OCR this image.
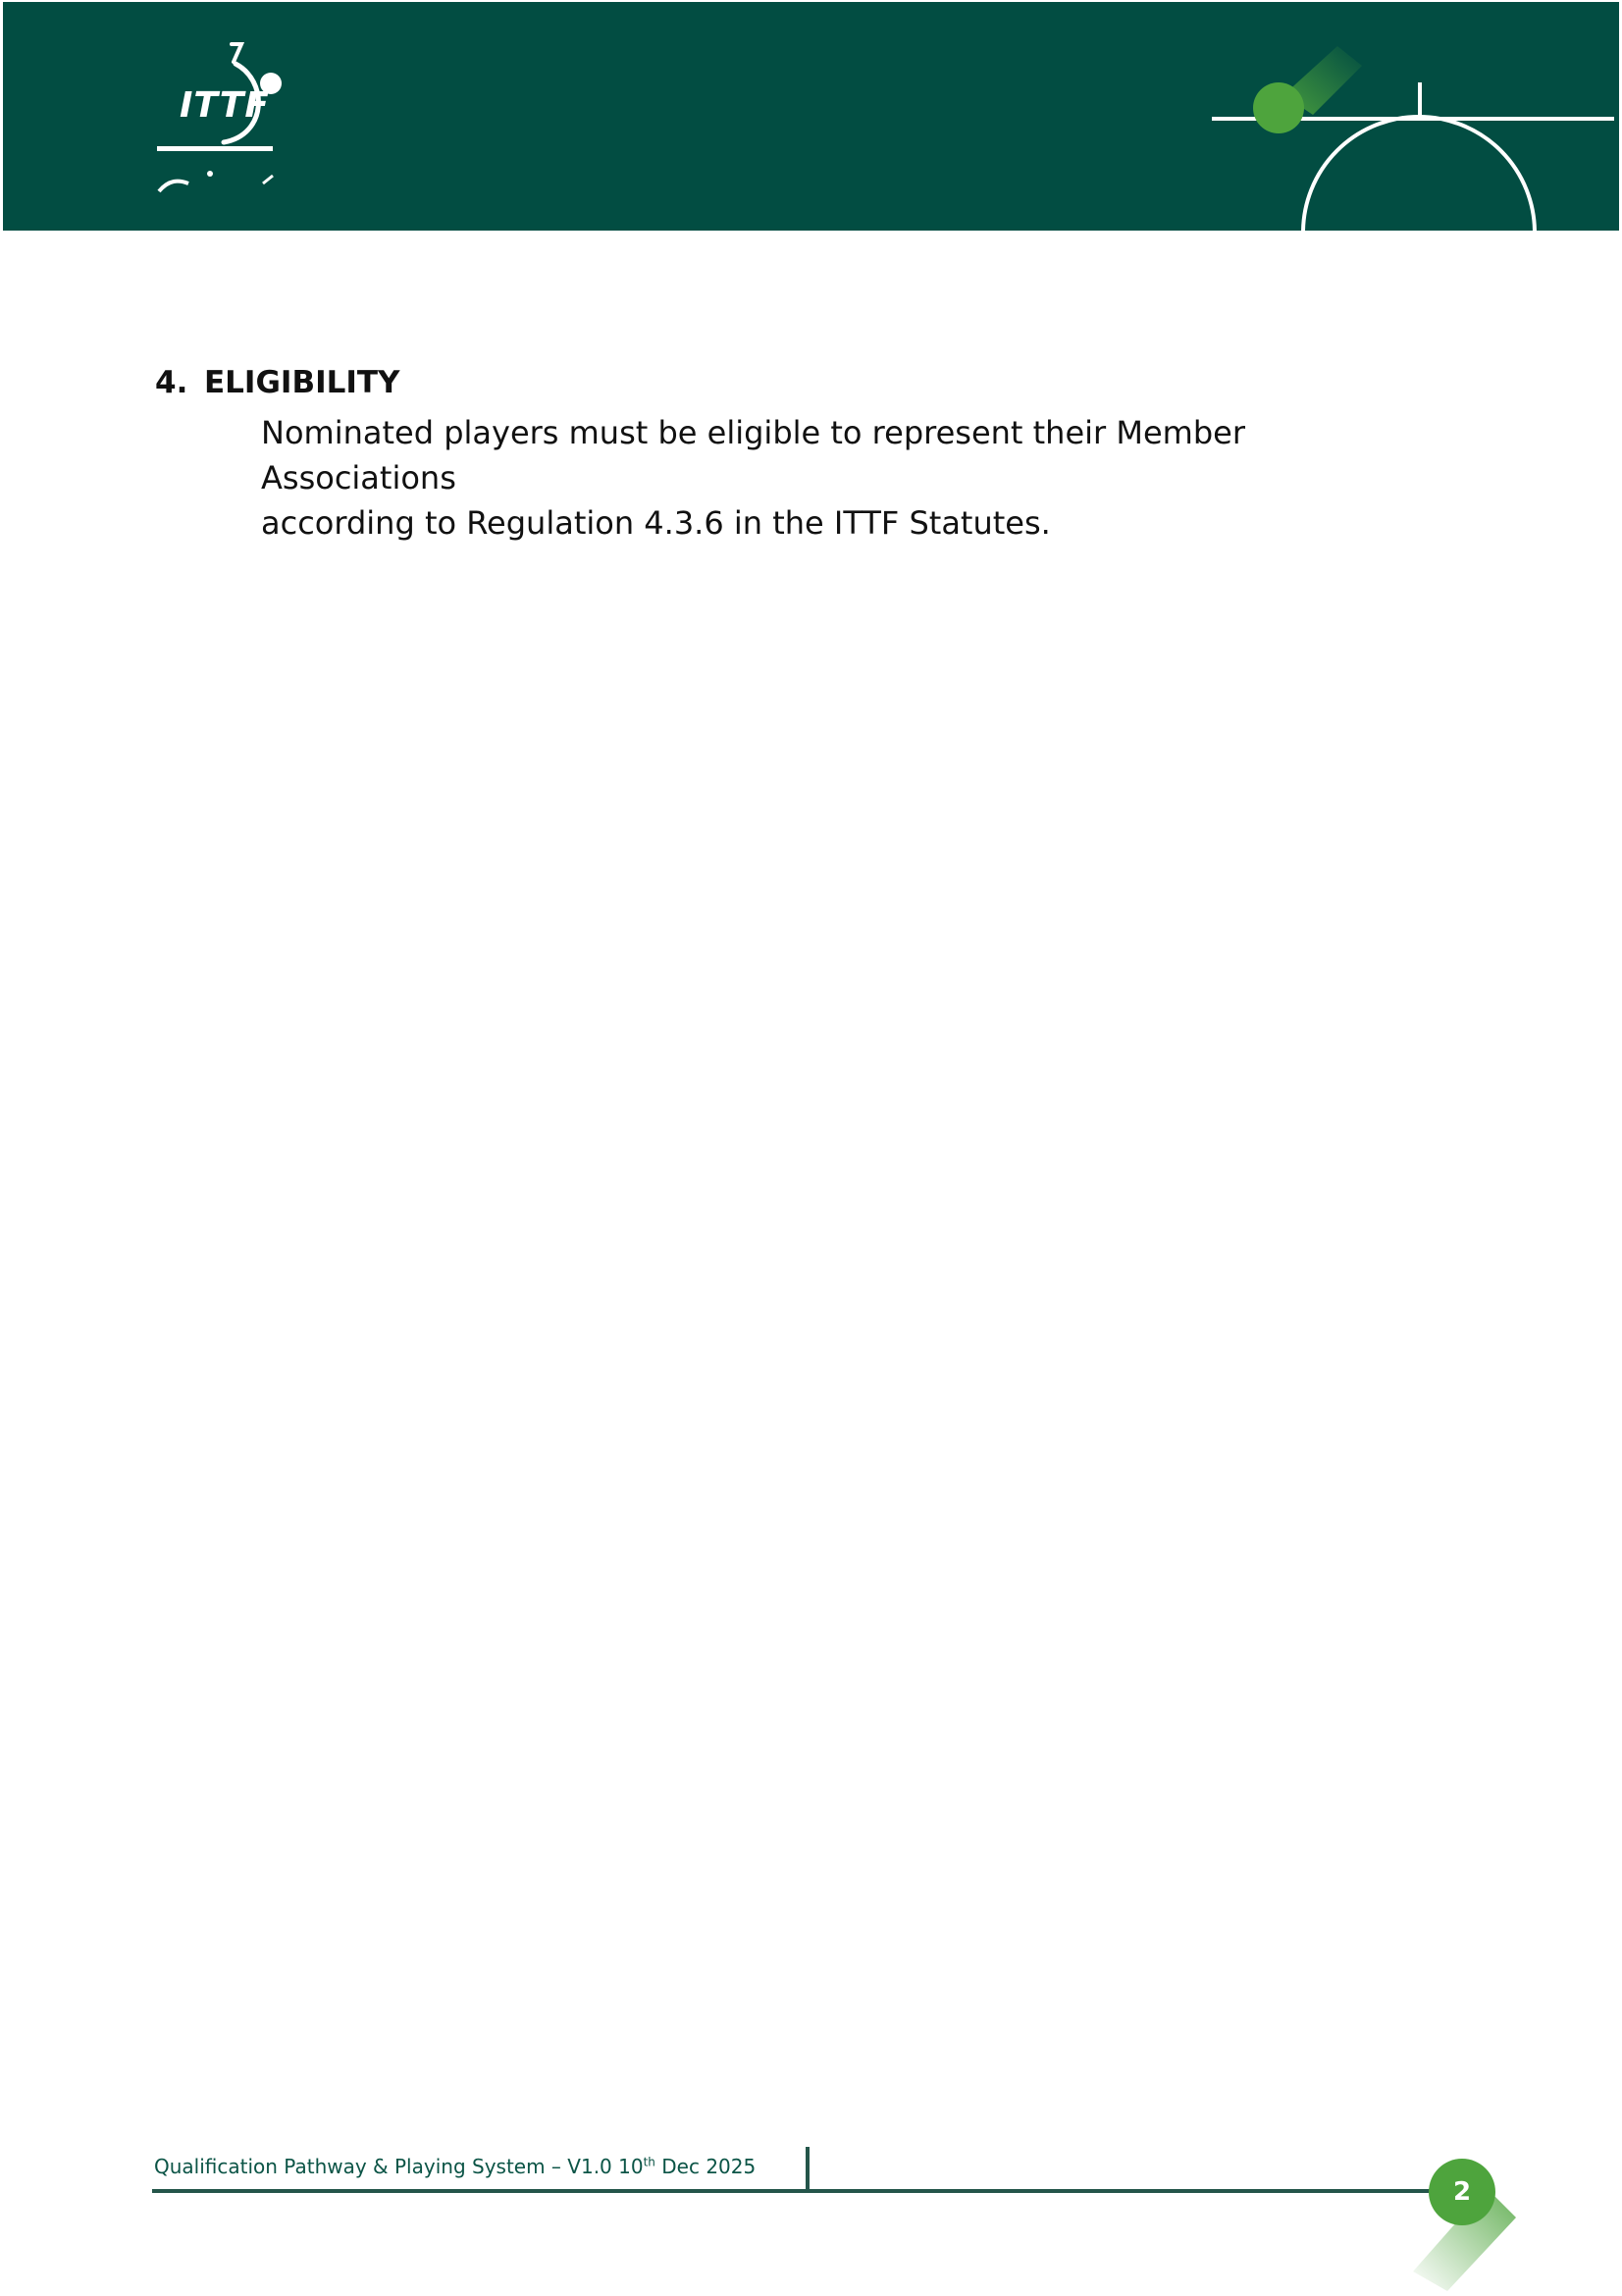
ITTF
4. ELIGIBILITY
Nominated players must be eligible to represent their Member Associations
according to Regulation 4.3.6 in the ITTF Statutes.
Qualification Pathway & Playing System – V1.0 10th Dec 2025
2
